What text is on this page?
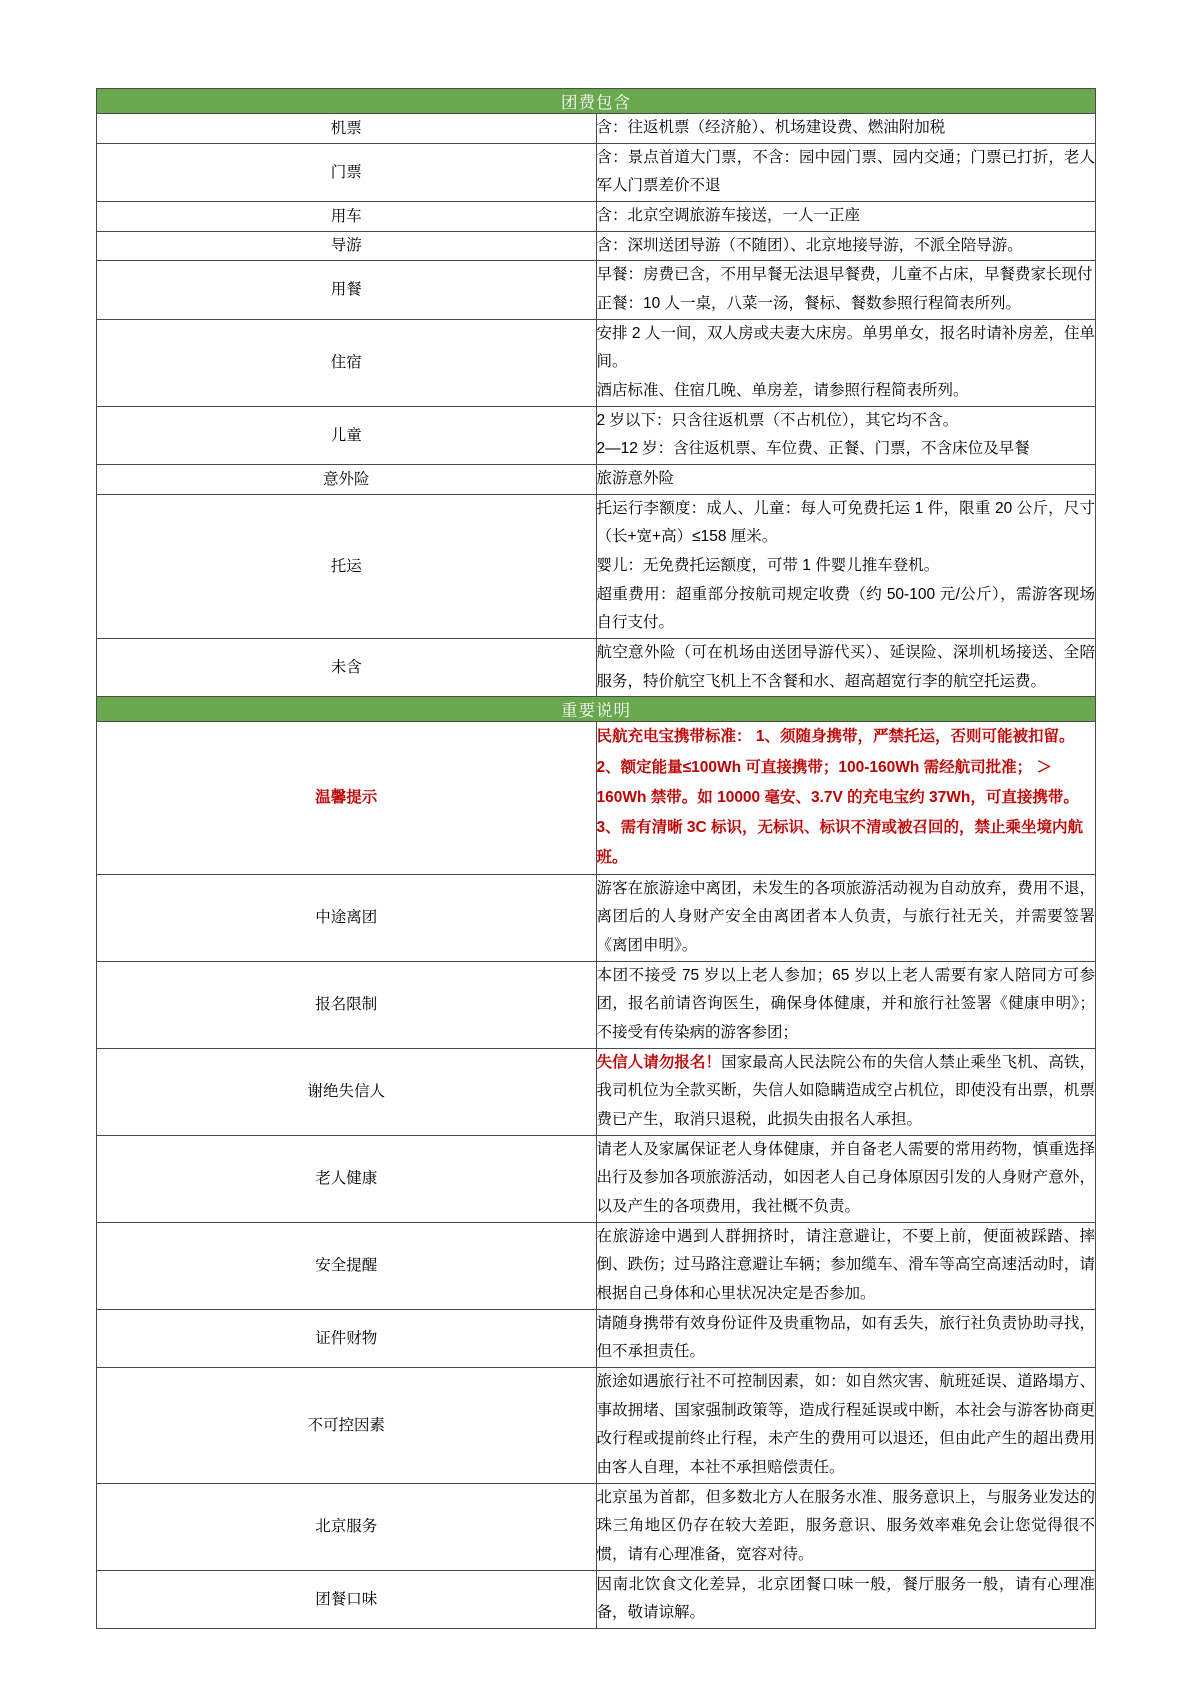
团费包含	
机票	含：往返机票（经济舱）、机场建设费、燃油附加税

门票	含：景点首道大门票，不含：园中园门票、园内交通；门票已打折，老人军人门票差价不退

用车	含：北京空调旅游车接送，一人一正座

导游	含：深圳送团导游（不随团）、北京地接导游，不派全陪导游。

用餐	早餐：房费已含，不用早餐无法退早餐费，儿童不占床，早餐费家长现付
正餐：10 人一桌，八菜一汤，餐标、餐数参照行程简表所列。

住宿	安排 2 人一间，双人房或夫妻大床房。单男单女，报名时请补房差，住单间。
酒店标准、住宿几晚、单房差，请参照行程简表所列。

儿童	2 岁以下：只含往返机票（不占机位），其它均不含。
2—12 岁：含往返机票、车位费、正餐、门票，不含床位及早餐

意外险	旅游意外险

托运	托运行李额度：成人、儿童：每人可免费托运 1 件，限重 20 公斤，尺寸（长+宽+高）≤158 厘米。
婴儿：无免费托运额度，可带 1 件婴儿推车登机。
超重费用：超重部分按航司规定收费（约 50-100 元/公斤），需游客现场自行支付。

未含	航空意外险（可在机场由送团导游代买）、延误险、深圳机场接送、全陪服务，特价航空飞机上不含餐和水、超高超宽行李的航空托运费。

重要说明	
温馨提示	民航充电宝携带标准： 1、须随身携带，严禁托运，否则可能被扣留。 2、额定能量≤100Wh 可直接携带；100-160Wh 需经航司批准； ＞160Wh 禁带。如 10000 毫安、3.7V 的充电宝约 37Wh，可直接携带。 3、需有清晰 3C 标识，无标识、标识不清或被召回的，禁止乘坐境内航班。
中途离团	游客在旅游途中离团，未发生的各项旅游活动视为自动放弃，费用不退，离团后的人身财产安全由离团者本人负责，与旅行社无关，并需要签署《离团申明》。

报名限制	本团不接受 75 岁以上老人参加；65 岁以上老人需要有家人陪同方可参团，报名前请咨询医生，确保身体健康，并和旅行社签署《健康申明》；不接受有传染病的游客参团；

谢绝失信人	失信人请勿报名！国家最高人民法院公布的失信人禁止乘坐飞机、高铁，我司机位为全款买断，失信人如隐瞒造成空占机位，即使没有出票，机票费已产生，取消只退税，此损失由报名人承担。
老人健康	请老人及家属保证老人身体健康，并自备老人需要的常用药物，慎重选择出行及参加各项旅游活动，如因老人自己身体原因引发的人身财产意外，以及产生的各项费用，我社概不负责。

安全提醒	在旅游途中遇到人群拥挤时，请注意避让，不要上前，便面被踩踏、摔倒、跌伤；过马路注意避让车辆；参加缆车、滑车等高空高速活动时，请根据自己身体和心里状况决定是否参加。

证件财物	请随身携带有效身份证件及贵重物品，如有丢失，旅行社负责协助寻找，但不承担责任。

不可控因素	旅途如遇旅行社不可控制因素，如：如自然灾害、航班延误、道路塌方、事故拥堵、国家强制政策等，造成行程延误或中断，本社会与游客协商更改行程或提前终止行程，未产生的费用可以退还，但由此产生的超出费用由客人自理，本社不承担赔偿责任。

北京服务	北京虽为首都，但多数北方人在服务水准、服务意识上，与服务业发达的珠三角地区仍存在较大差距，服务意识、服务效率难免会让您觉得很不惯，请有心理准备，宽容对待。

团餐口味	因南北饮食文化差异，北京团餐口味一般，餐厅服务一般，请有心理准备，敬请谅解。
